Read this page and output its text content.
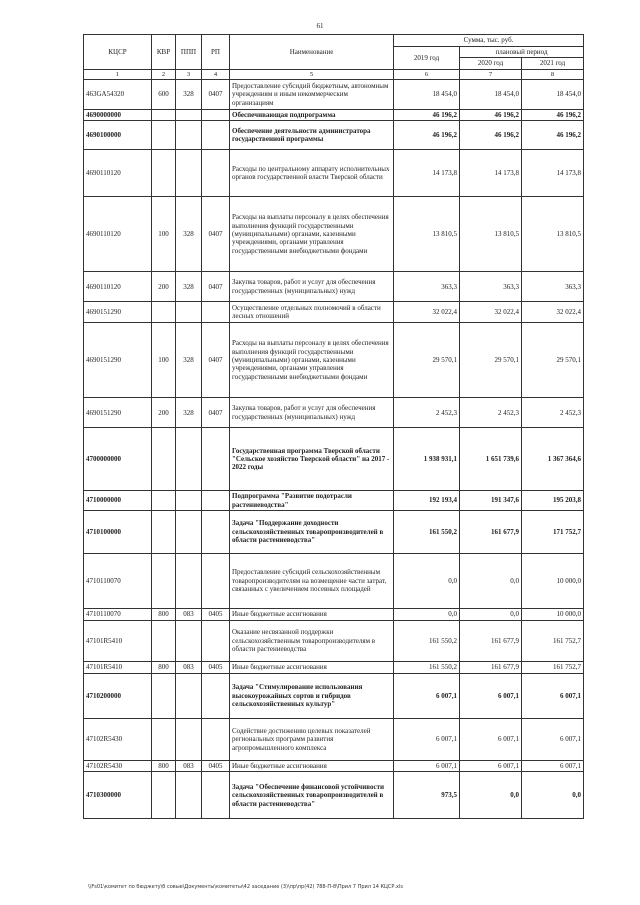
61
КЦСР	КВР	ППП	РП	Наименование	Сумма, тыс. руб.		
					2019 год	плановый период	
						2020 год	2021 год
1	2	3	4	5	6	7	8
463GA54320	600	328	0407	Предоставление субсидий бюджетным, автономным учреждениям и иным некоммерческим организациям	18 454,0	18 454,0	18 454,0
4690000000				Обеспечивающая подпрограмма	46 196,2	46 196,2	46 196,2
4690100000				Обеспечение деятельности администратора государственной программы	46 196,2	46 196,2	46 196,2
4690110120				Расходы по центральному аппарату исполнительных органов государственной власти Тверской области	14 173,8	14 173,8	14 173,8
4690110120	100	328	0407	Расходы на выплаты персоналу в целях обеспечения выполнения функций государственными (муниципальными) органами, казенными учреждениями, органами управления государственными внебюджетными фондами	13 810,5	13 810,5	13 810,5
4690110120	200	328	0407	Закупка товаров, работ и услуг для обеспечения государственных (муниципальных) нужд	363,3	363,3	363,3
4690151290				Осуществление отдельных полномочий в области лесных отношений	32 022,4	32 022,4	32 022,4
4690151290	100	328	0407	Расходы на выплаты персоналу в целях обеспечения выполнения функций государственными (муниципальными) органами, казенными учреждениями, органами управления государственными внебюджетными фондами	29 570,1	29 570,1	29 570,1
4690151290	200	328	0407	Закупка товаров, работ и услуг для обеспечения государственных (муниципальных) нужд	2 452,3	2 452,3	2 452,3
4700000000				Государственная программа Тверской области "Сельское хозяйство Тверской области" на 2017 - 2022 годы	1 938 931,1	1 651 739,6	1 367 364,6
4710000000				Подпрограмма "Развитие подотрасли растениеводства"	192 193,4	191 347,6	195 203,8
4710100000				Задача "Поддержание доходности сельскохозяйственных товаропроизводителей в области растениеводства"	161 550,2	161 677,9	171 752,7
4710110070				Предоставление субсидий сельскохозяйственным товаропроизводителям на возмещение части затрат, связанных с увеличением посевных площадей	0,0	0,0	10 000,0
4710110070	800	083	0405	Иные бюджетные ассигнования	0,0	0,0	10 000,0
47101R5410				Оказание несвязанной поддержки сельскохозяйственным товаропроизводителям в области растениеводства	161 550,2	161 677,9	161 752,7
47101R5410	800	083	0405	Иные бюджетные ассигнования	161 550,2	161 677,9	161 752,7
4710200000				Задача "Стимулирование использования высокоурожайных сортов и гибридов сельскохозяйственных культур"	6 007,1	6 007,1	6 007,1
47102R5430				Содействие достижению целевых показателей региональных программ развития агропромышленного комплекса	6 007,1	6 007,1	6 007,1
47102R5430	800	083	0405	Иные бюджетные ассигнования	6 007,1	6 007,1	6 007,1
4710300000				Задача "Обеспечение финансовой устойчивости сельскохозяйственных товаропроизводителей в области растениеводства"	973,5	0,0	0,0
\\Fs01\комитет по бюджету\б совые\Документы\комитеты\42 заседание (3)\пр\пр(42) 788-П-8\Прил 7 Прил 14 КЦСР.xls
